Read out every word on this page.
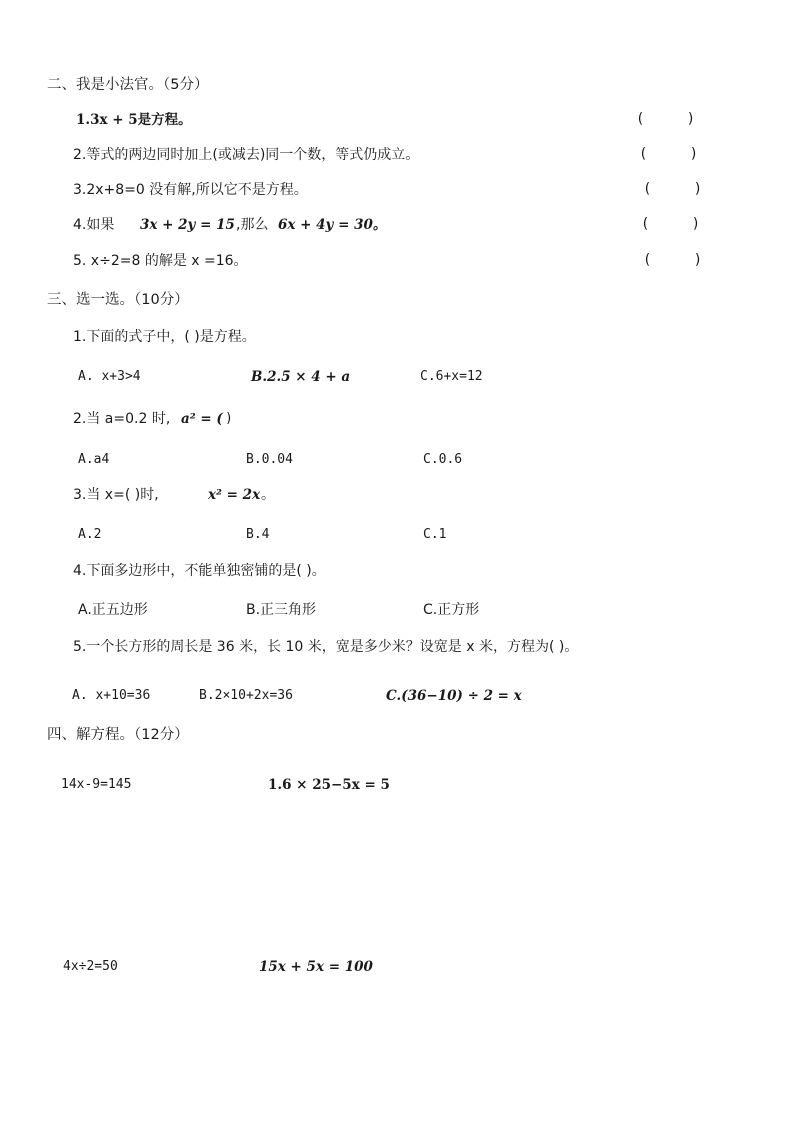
二、我是小法官。（5分）
1.3x + 5是方程。	(     )
2.等式的两边同时加上(或减去)同一个数，等式仍成立。	(     )
3.2x+8=0 没有解,所以它不是方程。	(     )
4.如果 3x + 2y = 15 ,那么 6x + 4y = 30。	(     )
5. x÷2=8 的解是 x =16。	(     )
三、选一选。（10分）
1.下面的式子中，( )是方程。
A. x+3>4	B.2.5 × 4 + a	C.6+x=12
2.当 a=0.2 时, a² = ( )
A.a4	B.0.04	C.0.6
3.当 x=( )时,	x² = 2x 。
A.2	B.4	C.1
4.下面多边形中，不能单独密铺的是( )。
A.正五边形	B.正三角形	C.正方形
5.一个长方形的周长是 36 米，长 10 米，宽是多少米？设宽是 x 米，方程为( )。
A. x+10=36	B.2×10+2x=36	C.(36−10) ÷ 2 = x
四、解方程。（12分）
14x-9=145	1.6 × 25−5x = 5
4x÷2=50	15x + 5x = 100
